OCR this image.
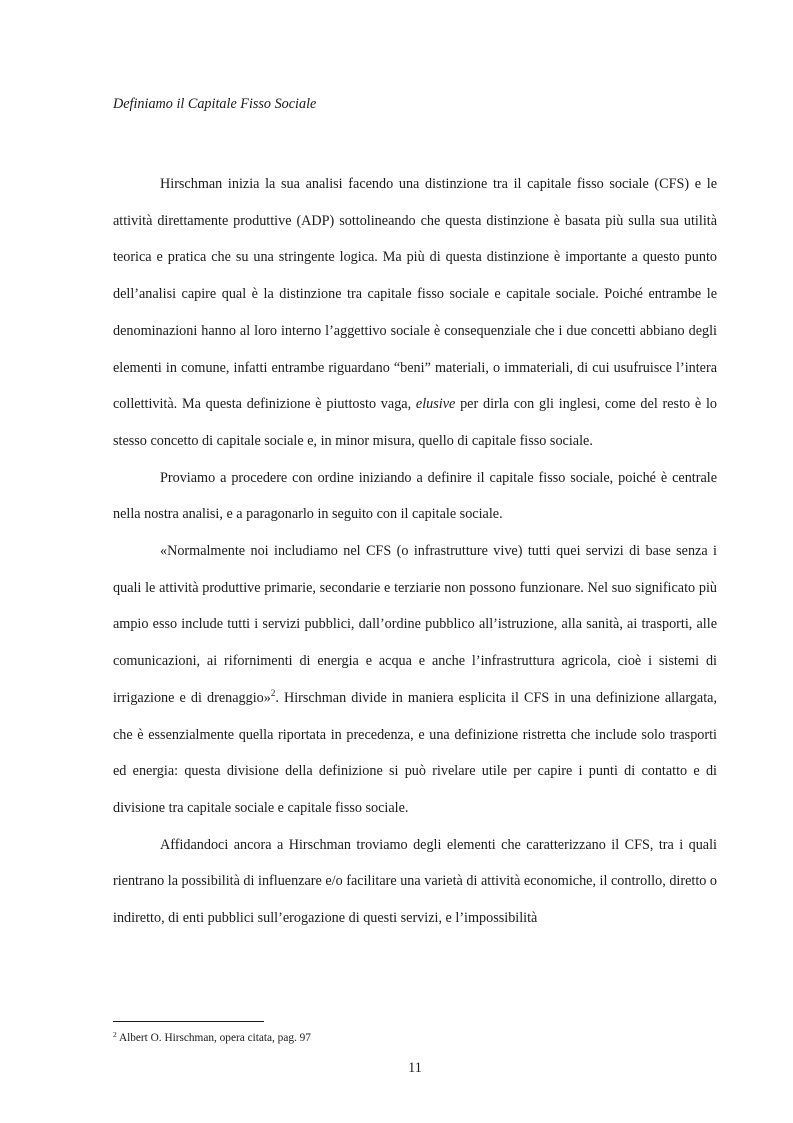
Definiamo il Capitale Fisso Sociale

Hirschman inizia la sua analisi facendo una distinzione tra il capitale fisso sociale (CFS) e le attività direttamente produttive (ADP) sottolineando che questa distinzione è basata più sulla sua utilità teorica e pratica che su una stringente logica. Ma più di questa distinzione è importante a questo punto dell’analisi capire qual è la distinzione tra capitale fisso sociale e capitale sociale. Poiché entrambe le denominazioni hanno al loro interno l’aggettivo sociale è consequenziale che i due concetti abbiano degli elementi in comune, infatti entrambe riguardano “beni” materiali, o immateriali, di cui usufruisce l’intera collettività. Ma questa definizione è piuttosto vaga, elusive per dirla con gli inglesi, come del resto è lo stesso concetto di capitale sociale e, in minor misura, quello di capitale fisso sociale.

Proviamo a procedere con ordine iniziando a definire il capitale fisso sociale, poiché è centrale nella nostra analisi, e a paragonarlo in seguito con il capitale sociale.

«Normalmente noi includiamo nel CFS (o infrastrutture vive) tutti quei servizi di base senza i quali le attività produttive primarie, secondarie e terziarie non possono funzionare. Nel suo significato più ampio esso include tutti i servizi pubblici, dall’ordine pubblico all’istruzione, alla sanità, ai trasporti, alle comunicazioni, ai rifornimenti di energia e acqua e anche l’infrastruttura agricola, cioè i sistemi di irrigazione e di drenaggio»$^2$. Hirschman divide in maniera esplicita il CFS in una definizione allargata, che è essenzialmente quella riportata in precedenza, e una definizione ristretta che include solo trasporti ed energia: questa divisione della definizione si può rivelare utile per capire i punti di contatto e di divisione tra capitale sociale e capitale fisso sociale.

Affidandoci ancora a Hirschman troviamo degli elementi che caratterizzano il CFS, tra i quali rientrano la possibilità di influenzare e/o facilitare una varietà di attività economiche, il controllo, diretto o indiretto, di enti pubblici sull’erogazione di questi servizi, e l’impossibilità

$^2$ Albert O. Hirschman, opera citata, pag. 97
11
